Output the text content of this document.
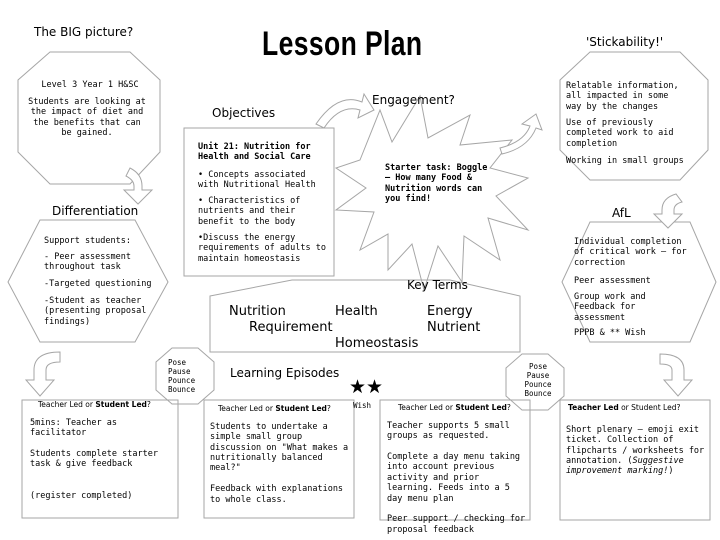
The BIG picture?	Lesson Plan	'Stickability!'
Level 3 Year 1 H&SC
Students are looking at the impact of diet and the benefits that can be gained.
Objectives
Unit 21: Nutrition for Health and Social Care
• Concepts associated with Nutritional Health
• Characteristics of nutrients and their benefit to the body
•Discuss the energy requirements of adults to maintain homeostasis
Engagement?
Starter task: Boggle – How many Food & Nutrition words can you find!
Relatable information, all impacted in some way by the changes
Use of previously completed work to aid completion
Working in small groups
Differentiation
Support students:
- Peer assessment throughout task
-Targeted questioning
-Student as teacher (presenting proposal findings)
AfL
Individual completion of critical work – for correction
Peer assessment
Group work and Feedback for assessment
PPPB & ** Wish
Key Terms
Nutrition	Health	Energy
Requirement	Nutrient
Homeostasis
Pose
Pause
Pounce
Bounce
Learning Episodes
★★
Wish
Pose
Pause
Pounce
Bounce
Teacher Led or Student Led?
5mins: Teacher as facilitator

Students complete starter task & give feedback

(register completed)
Teacher Led or Student Led?
Students to undertake a simple small group discussion on "What makes a nutritionally balanced meal?"

Feedback with explanations to whole class.
Teacher Led or Student Led?
Teacher supports 5 small groups as requested.

Complete a day menu taking into account previous activity and prior learning. Feeds into a 5 day menu plan

Peer support / checking for proposal feedback
Teacher Led or Student Led?
Short plenary – emoji exit ticket. Collection of flipcharts / worksheets for annotation. (Suggestive improvement marking!)
